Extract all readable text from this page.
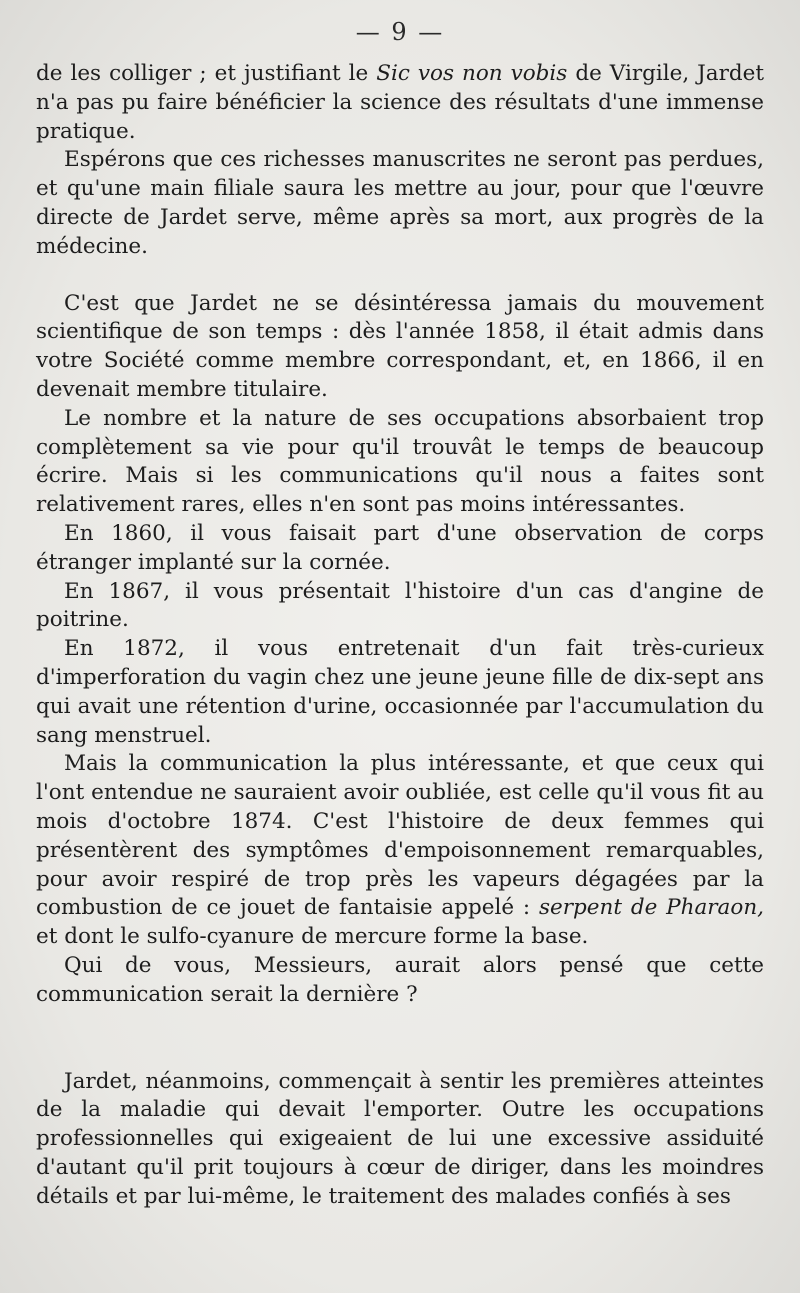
— 9 —

de les colliger ; et justifiant le Sic vos non vobis de Virgile, Jardet n'a pas pu faire bénéficier la science des résultats d'une immense pratique.

Espérons que ces richesses manuscrites ne seront pas perdues, et qu'une main filiale saura les mettre au jour, pour que l'œuvre directe de Jardet serve, même après sa mort, aux progrès de la médecine.

C'est que Jardet ne se désintéressa jamais du mouvement scientifique de son temps : dès l'année 1858, il était admis dans votre Société comme membre correspondant, et, en 1866, il en devenait membre titulaire.

Le nombre et la nature de ses occupations absorbaient trop complètement sa vie pour qu'il trouvât le temps de beaucoup écrire. Mais si les communications qu'il nous a faites sont relativement rares, elles n'en sont pas moins intéressantes.

En 1860, il vous faisait part d'une observation de corps étranger implanté sur la cornée.

En 1867, il vous présentait l'histoire d'un cas d'angine de poitrine.

En 1872, il vous entretenait d'un fait très-curieux d'imperforation du vagin chez une jeune jeune fille de dix-sept ans qui avait une rétention d'urine, occasionnée par l'accumulation du sang menstruel.

Mais la communication la plus intéressante, et que ceux qui l'ont entendue ne sauraient avoir oubliée, est celle qu'il vous fit au mois d'octobre 1874. C'est l'histoire de deux femmes qui présentèrent des symptômes d'empoisonnement remarquables, pour avoir respiré de trop près les vapeurs dégagées par la combustion de ce jouet de fantaisie appelé : serpent de Pharaon, et dont le sulfo-cyanure de mercure forme la base.

Qui de vous, Messieurs, aurait alors pensé que cette communication serait la dernière ?

Jardet, néanmoins, commençait à sentir les premières atteintes de la maladie qui devait l'emporter. Outre les occupations professionnelles qui exigeaient de lui une excessive assiduité d'autant qu'il prit toujours à cœur de diriger, dans les moindres détails et par lui-même, le traitement des malades confiés à ses
